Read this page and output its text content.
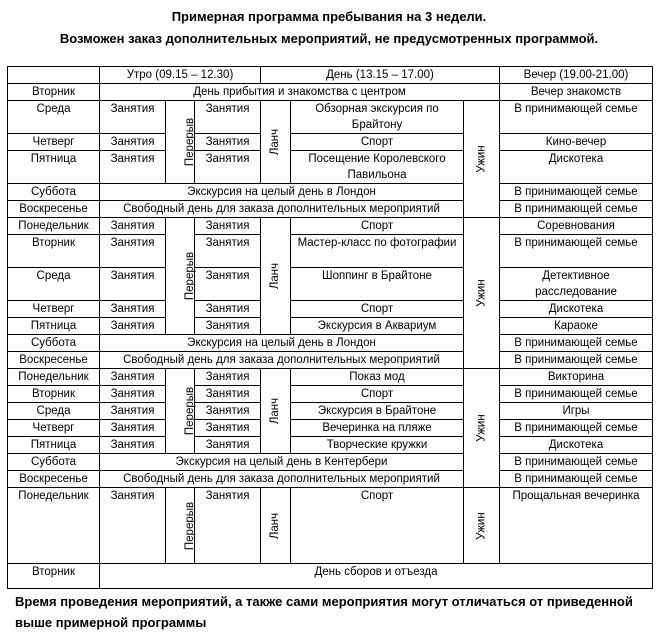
Примерная программа пребывания на 3 недели.
Возможен заказ дополнительных мероприятий, не предусмотренных программой.
	Утро (09.15 – 12.30)			День (13.15 – 17.00)			Вечер (19.00-21.00)
Вторник	День прибытия и знакомства с центром						Вечер знакомств
Среда	Занятия	Перерыв	Занятия	Ланч	Обзорная экскурсия по Брайтону	Ужин	В принимающей семье
Четверг	Занятия		Занятия		Спорт		Кино-вечер
Пятница	Занятия		Занятия		Посещение Королевского Павильона		Дискотека
Суббота	Экскурсия на целый день в Лондон						В принимающей семье
Воскресенье	Свободный день для заказа дополнительных мероприятий						В принимающей семье
Понедельник	Занятия	Перерыв	Занятия	Ланч	Спорт	Ужин	Соревнования
Вторник	Занятия		Занятия		Мастер-класс по фотографии		В принимающей семье
Среда	Занятия		Занятия		Шоппинг в Брайтоне		Детективное расследование
Четверг	Занятия		Занятия		Спорт		Дискотека
Пятница	Занятия		Занятия		Экскурсия в Аквариум		Караоке
Суббота	Экскурсия на целый день в Лондон						В принимающей семье
Воскресенье	Свободный день для заказа дополнительных мероприятий						В принимающей семье
Понедельник	Занятия	Перерыв	Занятия	Ланч	Показ мод	Ужин	Викторина
Вторник	Занятия		Занятия		Спорт		В принимающей семье
Среда	Занятия		Занятия		Экскурсия в Брайтоне		Игры
Четверг	Занятия		Занятия		Вечеринка на пляже		В принимающей семье
Пятница	Занятия		Занятия		Творческие кружки		Дискотека
Суббота	Экскурсия на целый день в Кентербери						В принимающей семье
Воскресенье	Свободный день для заказа дополнительных мероприятий						В принимающей семье
Понедельник	Занятия	Перерыв	Занятия	Ланч	Спорт	Ужин	Прощальная вечеринка
Вторник	День сборов и отъезда						
Время проведения мероприятий, а также сами мероприятия могут отличаться от приведенной выше примерной программы
